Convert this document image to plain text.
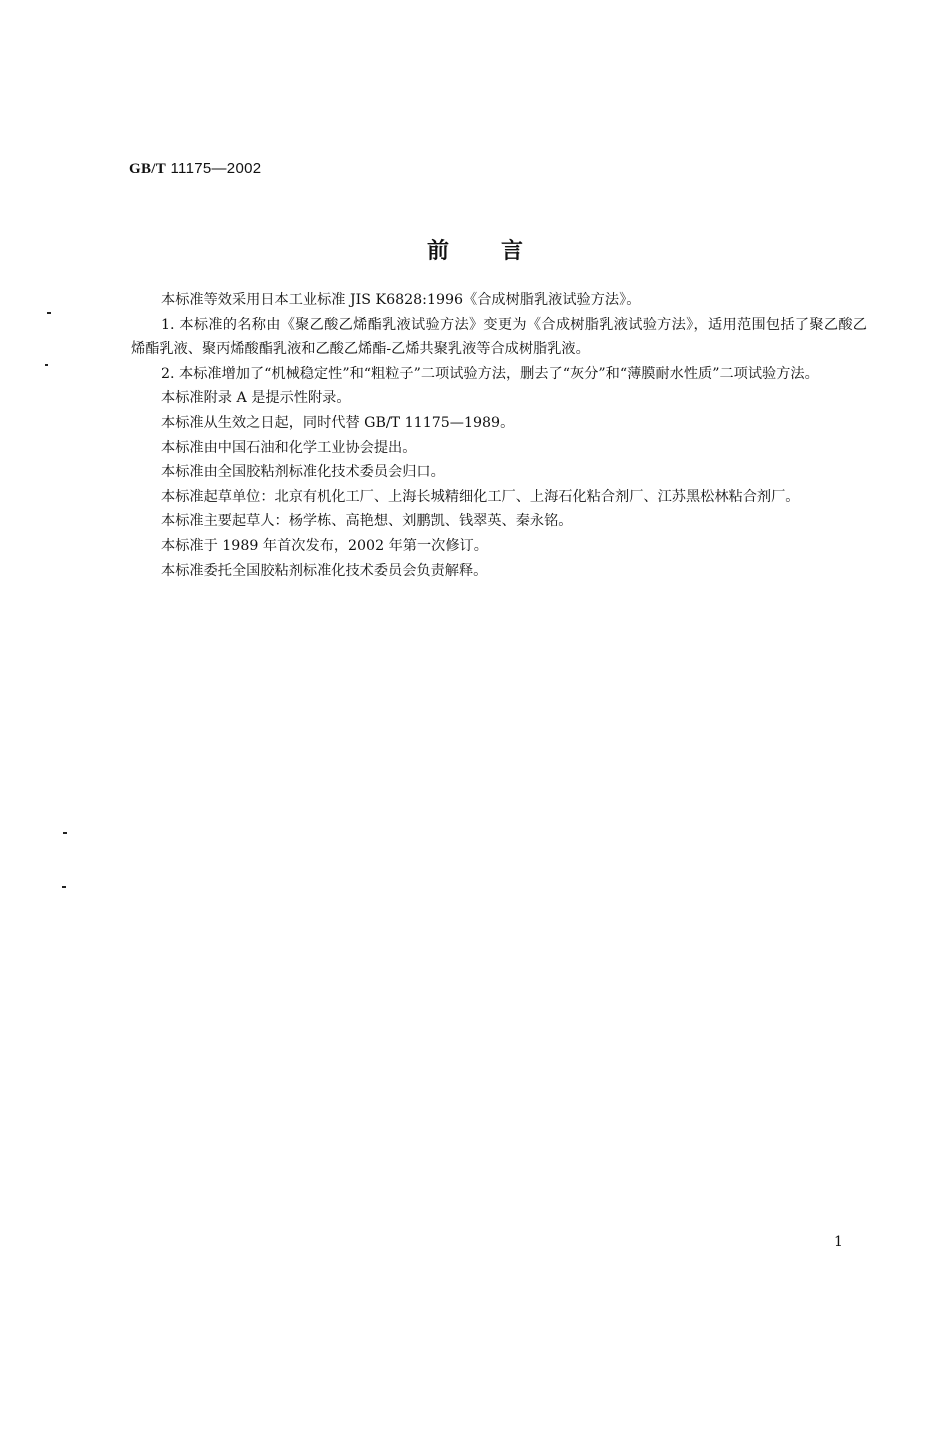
GB/T 11175—2002
前言

本标准等效采用日本工业标准 JIS K6828:1996《合成树脂乳液试验方法》。

1. 本标准的名称由《聚乙酸乙烯酯乳液试验方法》变更为《合成树脂乳液试验方法》，适用范围包括了聚乙酸乙烯酯乳液、聚丙烯酸酯乳液和乙酸乙烯酯-乙烯共聚乳液等合成树脂乳液。

2. 本标准增加了“机械稳定性”和“粗粒子”二项试验方法，删去了“灰分”和“薄膜耐水性质”二项试验方法。

本标准附录 A 是提示性附录。

本标准从生效之日起，同时代替 GB/T 11175—1989。

本标准由中国石油和化学工业协会提出。

本标准由全国胶粘剂标准化技术委员会归口。

本标准起草单位：北京有机化工厂、上海长城精细化工厂、上海石化粘合剂厂、江苏黑松林粘合剂厂。

本标准主要起草人：杨学栋、高艳想、刘鹏凯、钱翠英、秦永铭。

本标准于 1989 年首次发布，2002 年第一次修订。

本标准委托全国胶粘剂标准化技术委员会负责解释。

1
